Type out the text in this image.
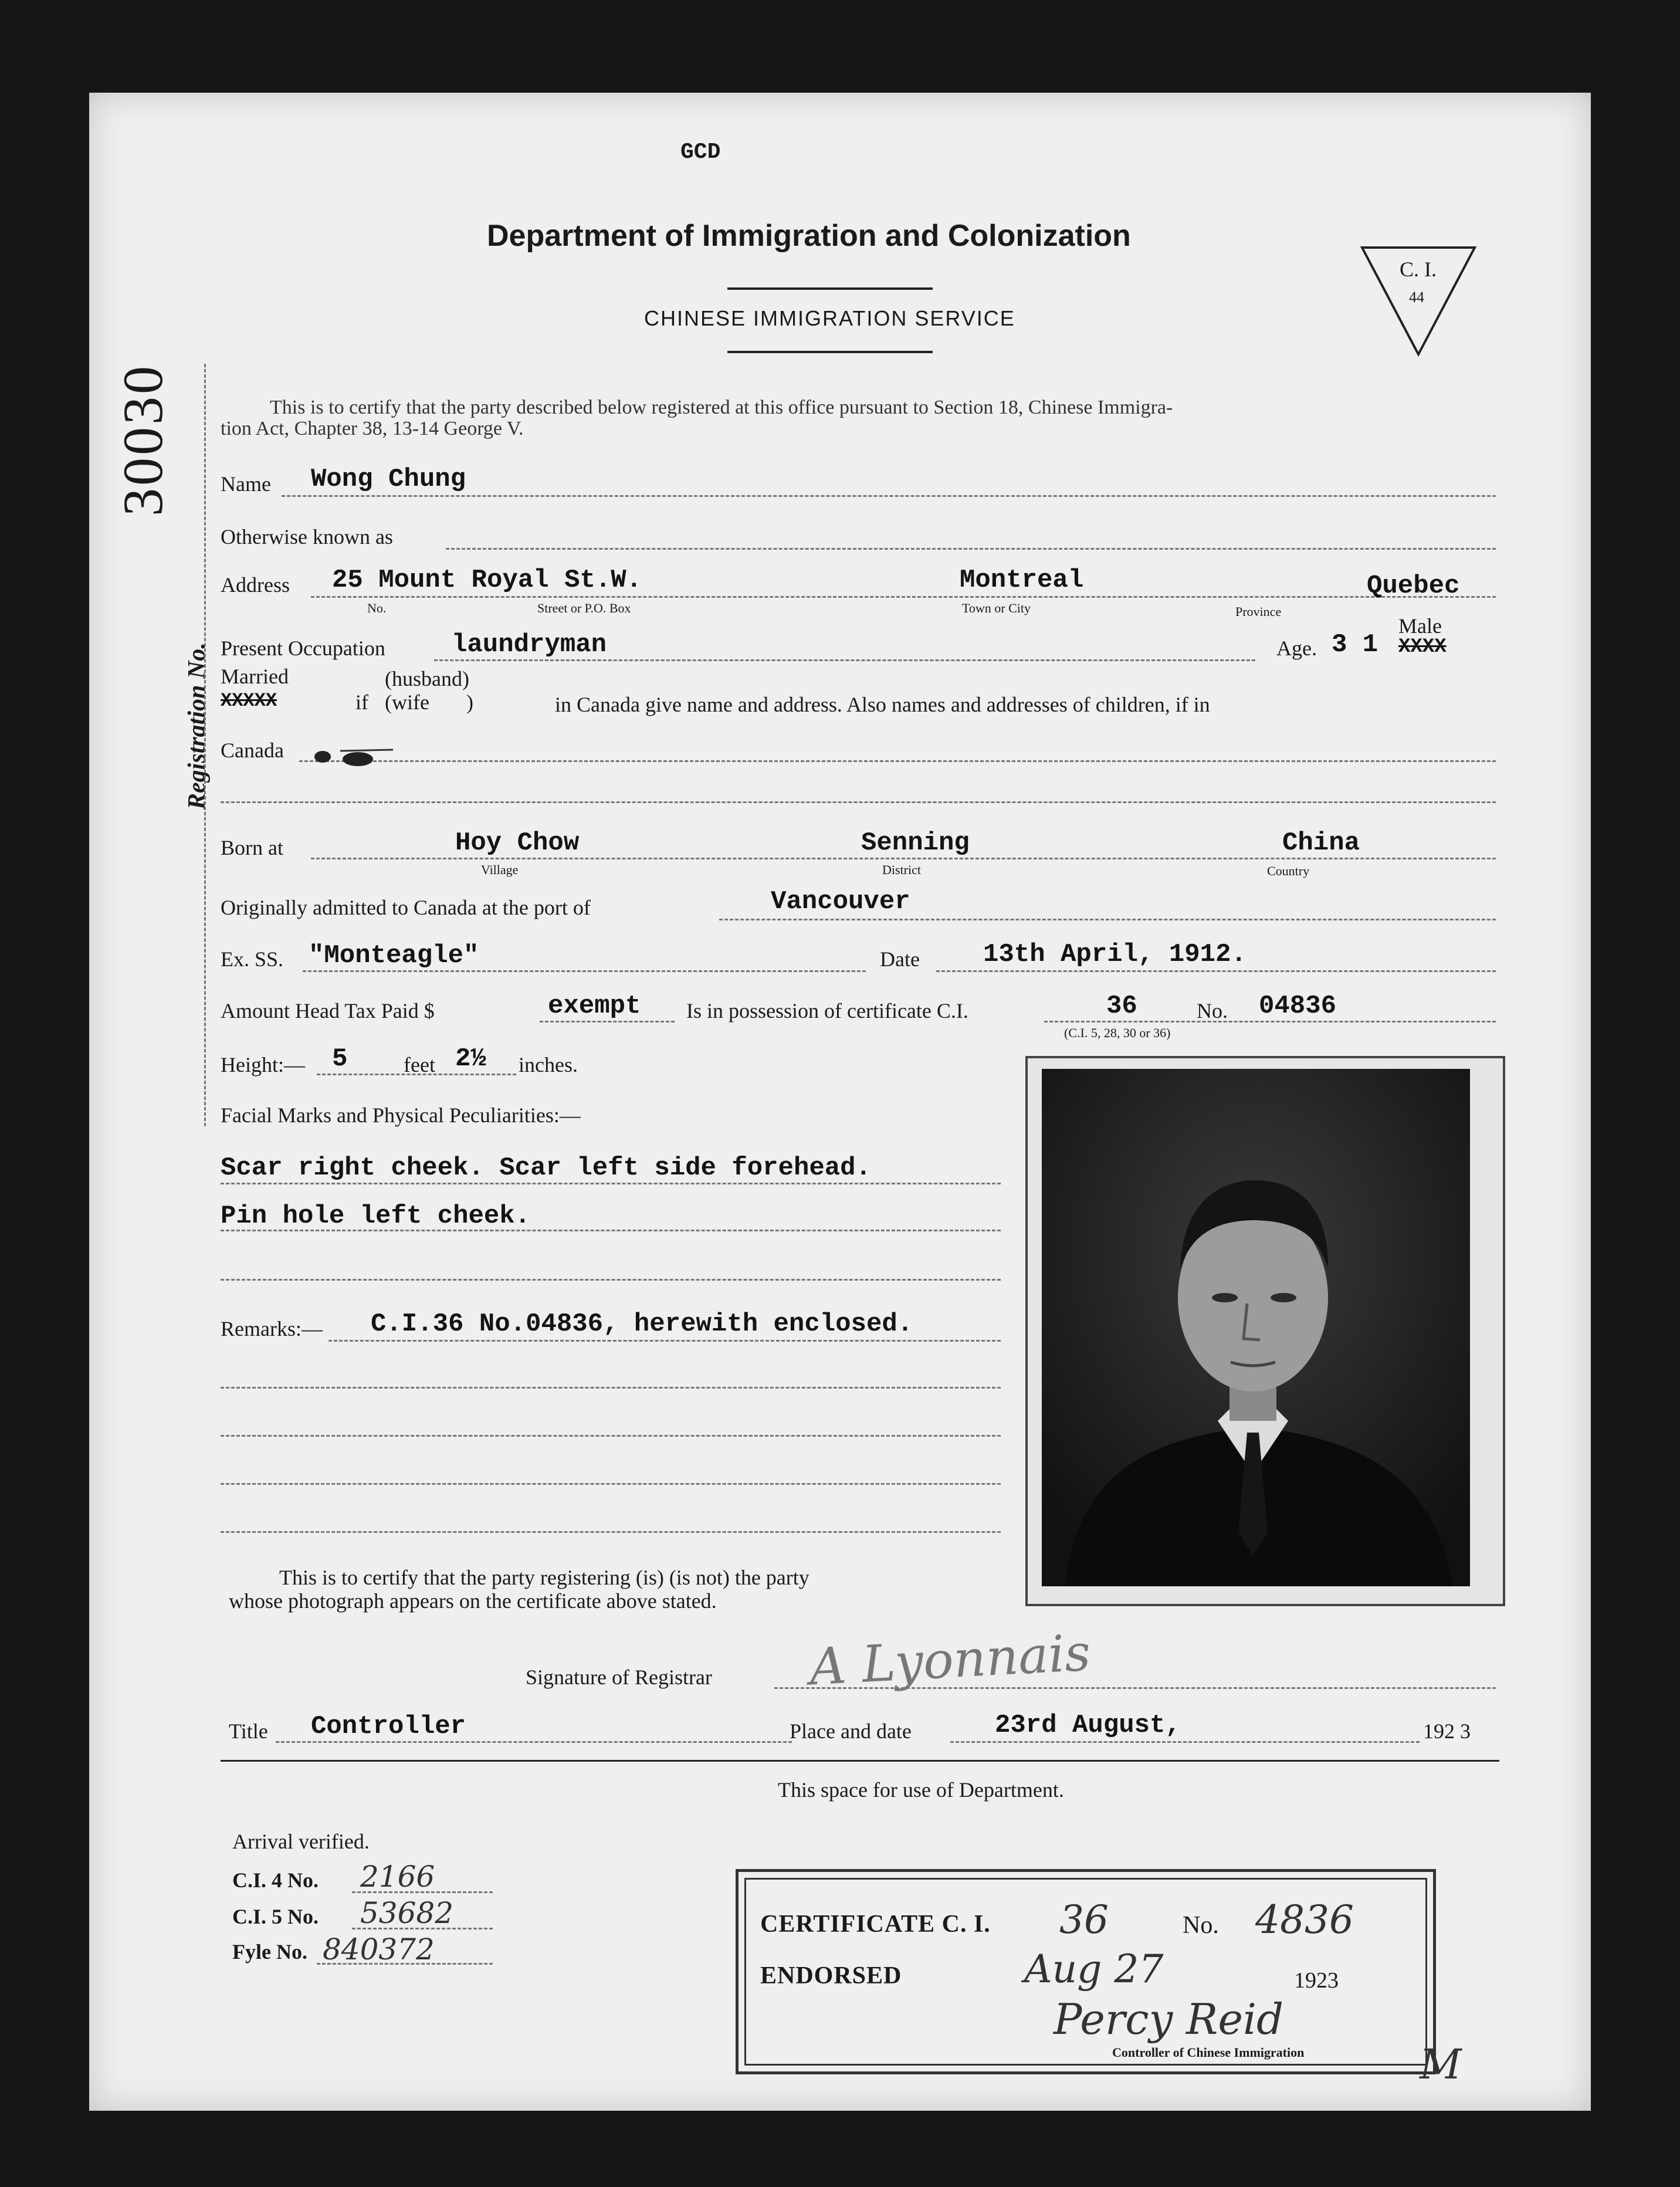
GCD
Department of Immigration and Colonization
CHINESE IMMIGRATION SERVICE
C. I.
44
30030
Registration No.
This is to certify that the party described below registered at this office pursuant to Section 18, Chinese Immigra-
tion Act, Chapter 38, 13-14 George V.
Name Wong Chung
Otherwise known as
Address 25 Mount Royal St.W.	Montreal	Quebec
No.	Street or P.O. Box	Town or City	Province
Male
Present Occupation	laundryman	Age. 3 1 XXXX
Married
XXXXX	if
(husband)
(wife       )	in Canada give name and address. Also names and addresses of children, if in
Canada
Born at	Hoy Chow	Senning	China
Village	District	Country
Originally admitted to Canada at the port of	Vancouver
Ex. SS. "Monteagle"	Date 13th April, 1912.
Amount Head Tax Paid $	exempt Is in possession of certificate C.I.	36	No. 04836
(C.I. 5, 28, 30 or 36)
Height:— 5	feet 2½ inches.
Facial Marks and Physical Peculiarities:—
Scar right cheek. Scar left side forehead.
Pin hole left cheek.
Remarks:— C.I.36 No.04836, herewith enclosed.
This is to certify that the party registering (is) (is not) the party
whose photograph appears on the certificate above stated.
Signature of Registrar A Lyonnais
Title Controller	Place and date	23rd August,	192 3
This space for use of Department.
Arrival verified.
C.I. 4 No. 2166
C.I. 5 No. 53682
Fyle No. 840372
CERTIFICATE C. I. 36	No. 4836
ENDORSED	Aug 27	1923
Percy Reid
Controller of Chinese Immigration	M
